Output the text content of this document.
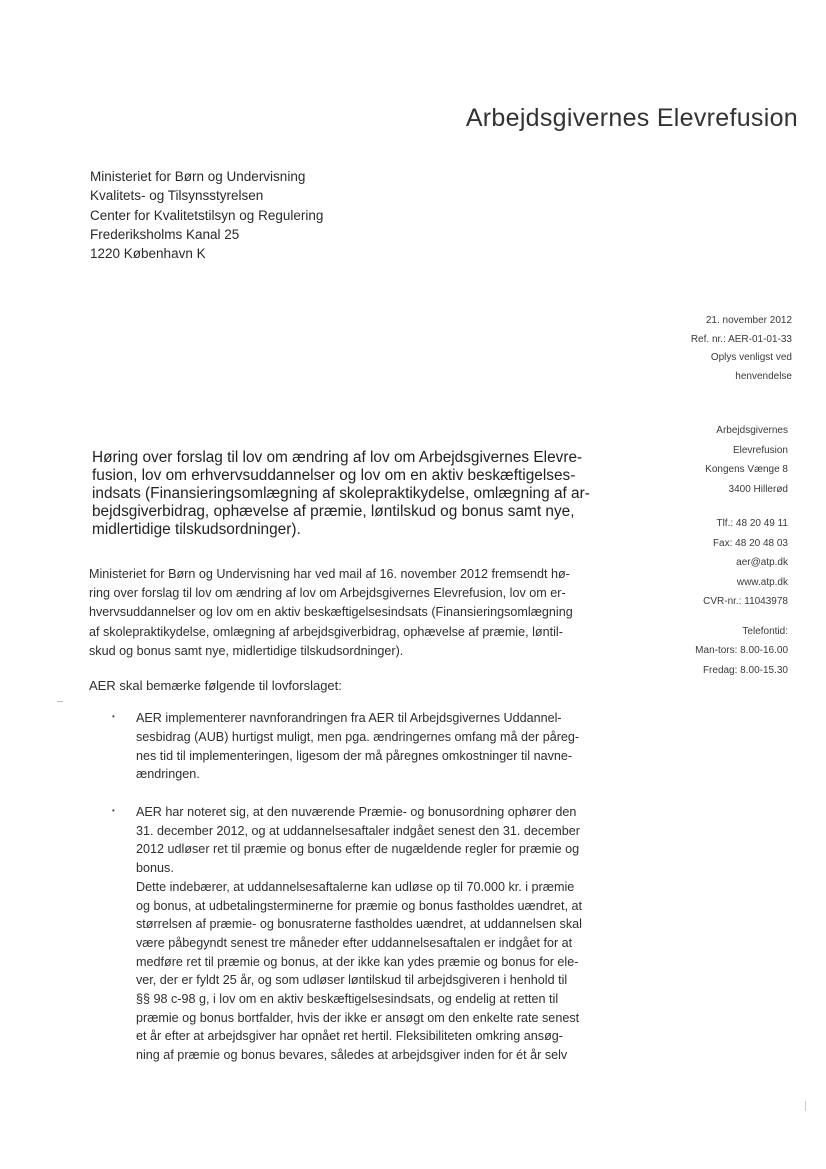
Arbejdsgivernes Elevrefusion
Ministeriet for Børn og Undervisning
Kvalitets- og Tilsynsstyrelsen
Center for Kvalitetstilsyn og Regulering
Frederiksholms Kanal 25
1220 København K
21. november 2012
Ref. nr.: AER-01-01-33
Oplys venligst ved
henvendelse
Arbejdsgivernes
Elevrefusion
Kongens Vænge 8
3400 Hillerød
Tlf.: 48 20 49 11
Fax: 48 20 48 03
aer@atp.dk
www.atp.dk
CVR-nr.: 11043978
Telefontid:
Man-tors: 8.00-16.00
Fredag: 8.00-15.30
Høring over forslag til lov om ændring af lov om Arbejdsgivernes Elevre-
fusion, lov om erhvervsuddannelser og lov om en aktiv beskæftigelses-
indsats (Finansieringsomlægning af skolepraktikydelse, omlægning af ar-
bejdsgiverbidrag, ophævelse af præmie, løntilskud og bonus samt nye,
midlertidige tilskudsordninger).
Ministeriet for Børn og Undervisning har ved mail af 16. november 2012 fremsendt hø-
ring over forslag til lov om ændring af lov om Arbejdsgivernes Elevrefusion, lov om er-
hvervsuddannelser og lov om en aktiv beskæftigelsesindsats (Finansieringsomlægning
af skolepraktikydelse, omlægning af arbejdsgiverbidrag, ophævelse af præmie, løntil-
skud og bonus samt nye, midlertidige tilskudsordninger).
AER skal bemærke følgende til lovforslaget:
• AER implementerer navnforandringen fra AER til Arbejdsgivernes Uddannel-
sesbidrag (AUB) hurtigst muligt, men pga. ændringernes omfang må der påreg-
nes tid til implementeringen, ligesom der må påregnes omkostninger til navne-
ændringen.
• AER har noteret sig, at den nuværende Præmie- og bonusordning ophører den
31. december 2012, og at uddannelsesaftaler indgået senest den 31. december
2012 udløser ret til præmie og bonus efter de nugældende regler for præmie og
bonus.
Dette indebærer, at uddannelsesaftalerne kan udløse op til 70.000 kr. i præmie
og bonus, at udbetalingsterminerne for præmie og bonus fastholdes uændret, at
størrelsen af præmie- og bonusraterne fastholdes uændret, at uddannelsen skal
være påbegyndt senest tre måneder efter uddannelsesaftalen er indgået for at
medføre ret til præmie og bonus, at der ikke kan ydes præmie og bonus for ele-
ver, der er fyldt 25 år, og som udløser løntilskud til arbejdsgiveren i henhold til
§§ 98 c-98 g, i lov om en aktiv beskæftigelsesindsats, og endelig at retten til
præmie og bonus bortfalder, hvis der ikke er ansøgt om den enkelte rate senest
et år efter at arbejdsgiver har opnået ret hertil. Fleksibiliteten omkring ansøg-
ning af præmie og bonus bevares, således at arbejdsgiver inden for ét år selv
